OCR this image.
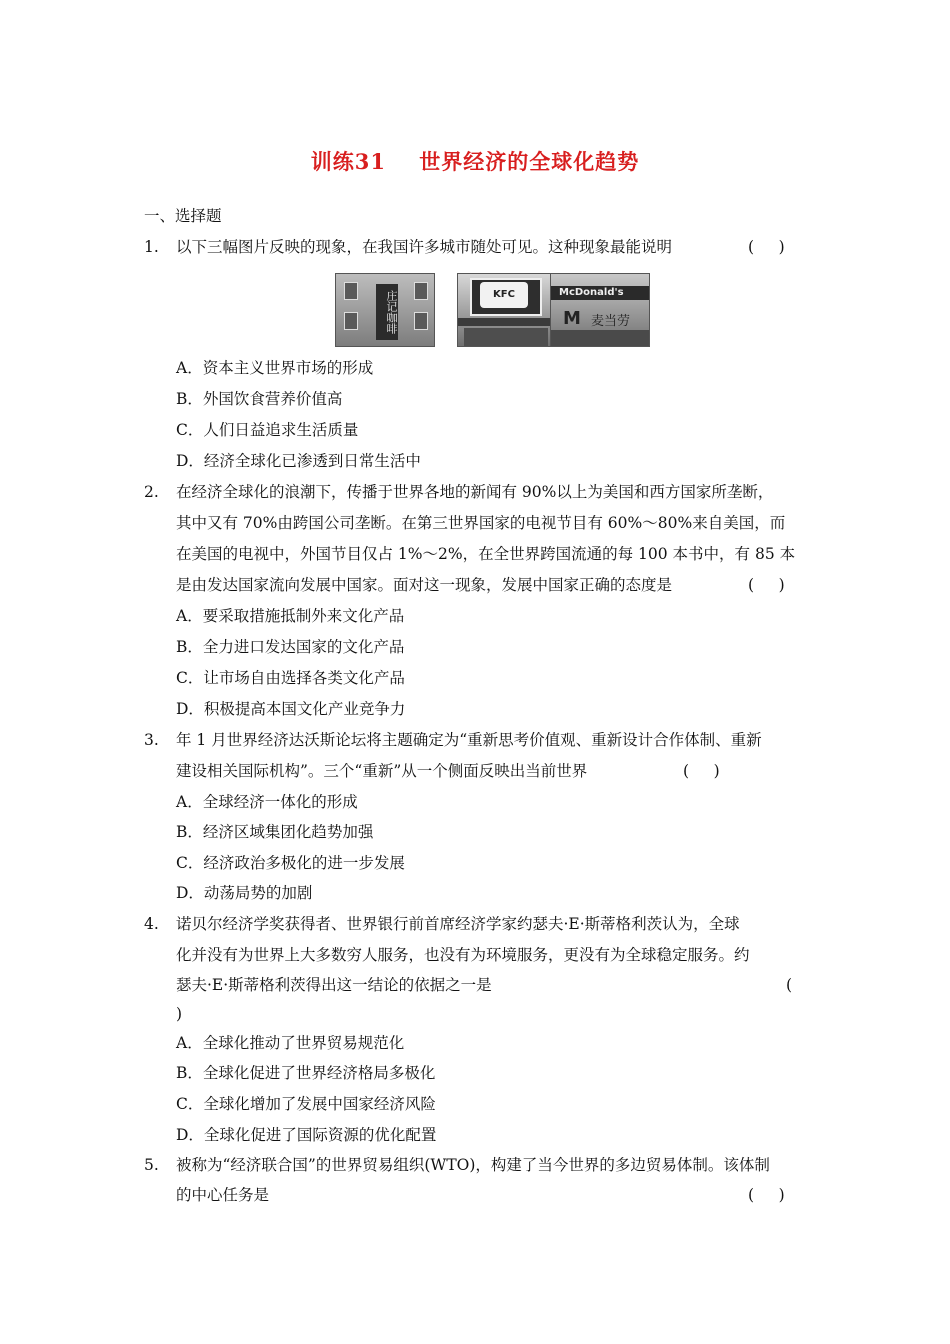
训练31    世界经济的全球化趋势
一、选择题
1. 以下三幅图片反映的现象，在我国许多城市随处可见。这种现象最能说明	(     )
庄记咖啡	KFC	McDonald's
M 麦当劳
A．资本主义世界市场的形成
B．外国饮食营养价值高
C．人们日益追求生活质量
D．经济全球化已渗透到日常生活中
2. 在经济全球化的浪潮下，传播于世界各地的新闻有 90%以上为美国和西方国家所垄断，
其中又有 70%由跨国公司垄断。在第三世界国家的电视节目有 60%～80%来自美国，而
在美国的电视中，外国节目仅占 1%～2%，在全世界跨国流通的每 100 本书中，有 85 本
是由发达国家流向发展中国家。面对这一现象，发展中国家正确的态度是	(     )
A．要采取措施抵制外来文化产品
B．全力进口发达国家的文化产品
C．让市场自由选择各类文化产品
D．积极提高本国文化产业竞争力
3. 年 1 月世界经济达沃斯论坛将主题确定为“重新思考价值观、重新设计合作体制、重新
建设相关国际机构”。三个“重新”从一个侧面反映出当前世界	(     )
A．全球经济一体化的形成
B．经济区域集团化趋势加强
C．经济政治多极化的进一步发展
D．动荡局势的加剧
4. 诺贝尔经济学奖获得者、世界银行前首席经济学家约瑟夫·E·斯蒂格利茨认为，全球
化并没有为世界上大多数穷人服务，也没有为环境服务，更没有为全球稳定服务。约
瑟夫·E·斯蒂格利茨得出这一结论的依据之一是	(
)
A．全球化推动了世界贸易规范化
B．全球化促进了世界经济格局多极化
C．全球化增加了发展中国家经济风险
D．全球化促进了国际资源的优化配置
5. 被称为“经济联合国”的世界贸易组织(WTO)，构建了当今世界的多边贸易体制。该体制
的中心任务是	(     )
